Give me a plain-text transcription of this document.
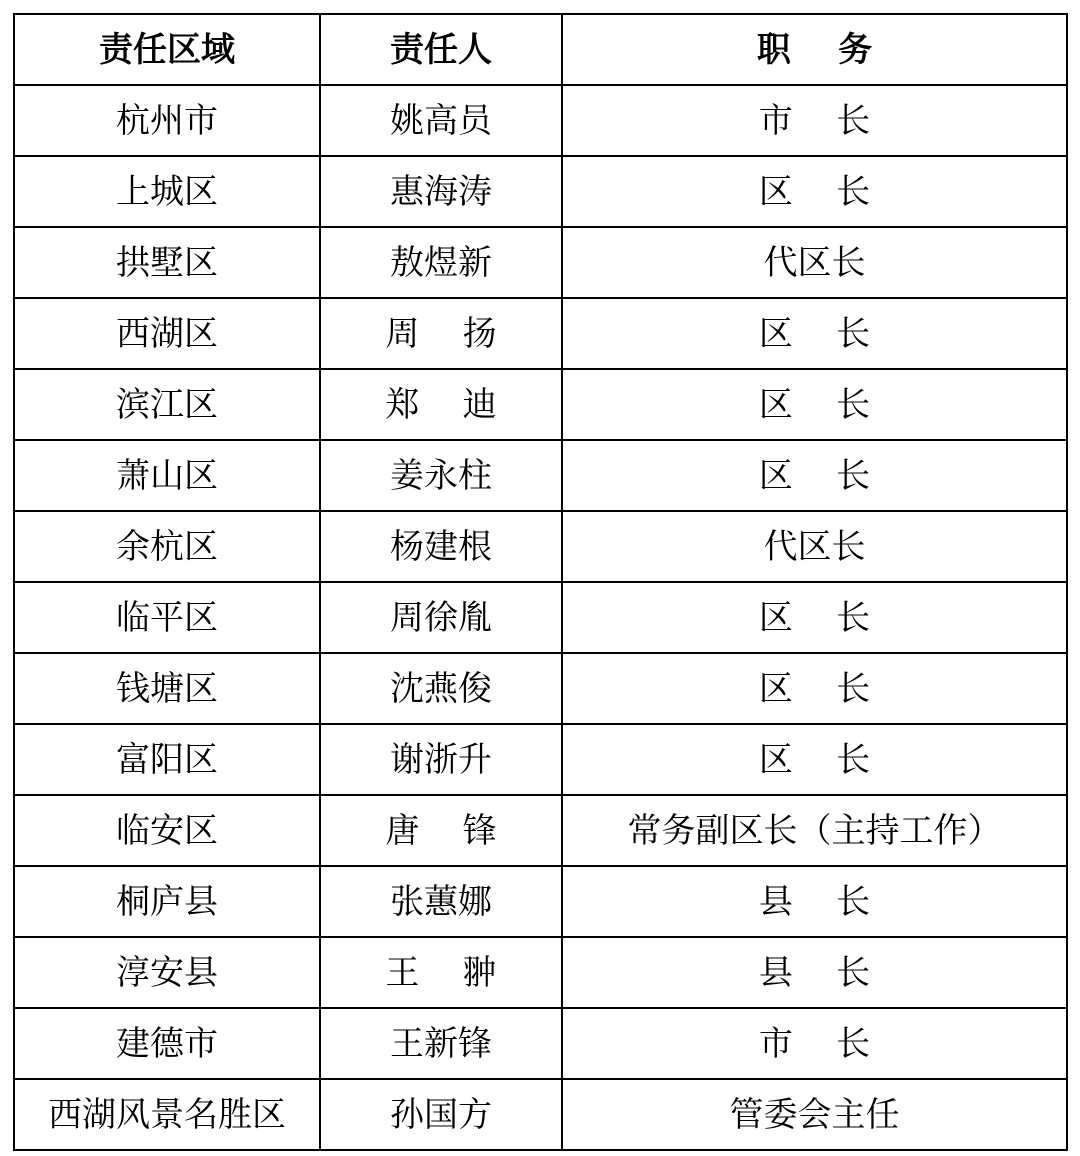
责任区域	责任人	职    务
杭州市	姚高员	市    长
上城区	惠海涛	区    长
拱墅区	敖煜新	代区长
西湖区	周    扬	区    长
滨江区	郑    迪	区    长
萧山区	姜永柱	区    长
余杭区	杨建根	代区长
临平区	周徐胤	区    长
钱塘区	沈燕俊	区    长
富阳区	谢浙升	区    长
临安区	唐    锋	常务副区长（主持工作）
桐庐县	张蕙娜	县    长
淳安县	王    翀	县    长
建德市	王新锋	市    长
西湖风景名胜区	孙国方	管委会主任
